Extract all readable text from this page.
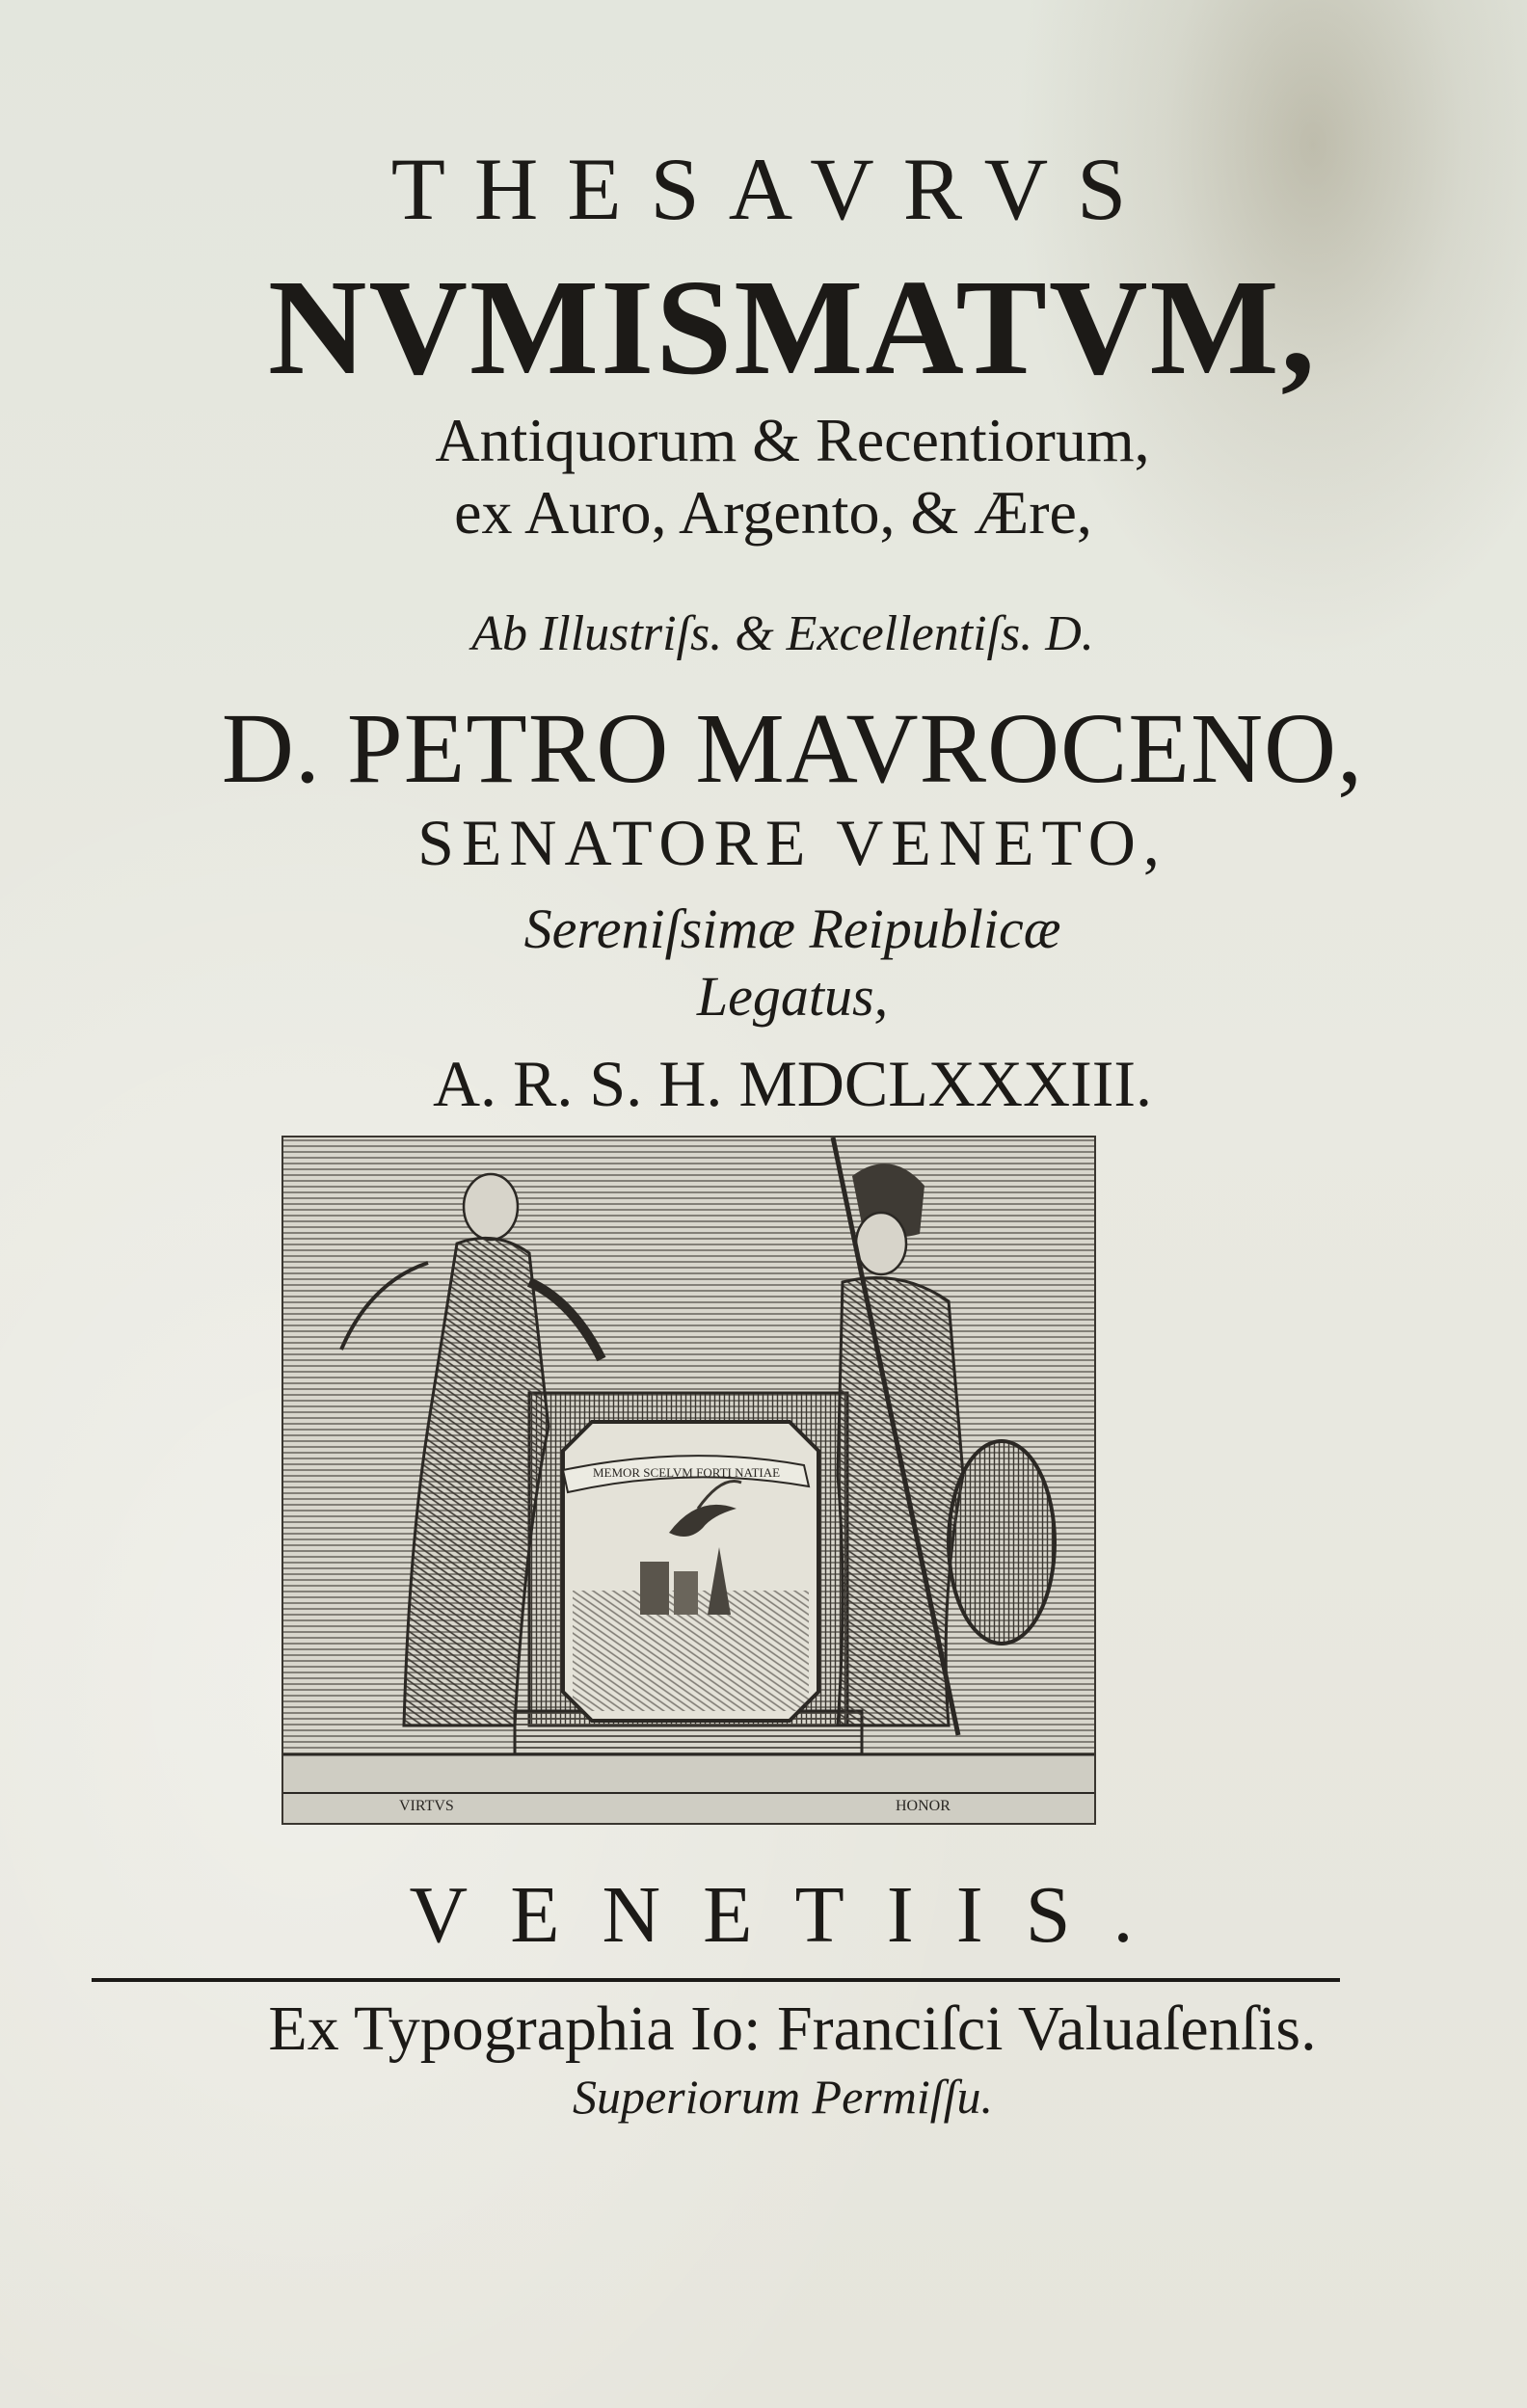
THESAVRVS
NVMISMATVM,
Antiquorum & Recentiorum,
ex Auro, Argento, & Ære,
Ab Illustriſs. & Excellentiſs. D.
D. PETRO MAVROCENO,
SENATORE VENETO,
Sereniſsimæ Reipublicæ
Legatus,
A. R. S. H. MDCLXXXIII.
MEMOR SCELVM FORTI NATIAE
VIRTVS	HONOR
VENETIIS.
Ex Typographia Io: Franciſci Valuaſenſis.
Superiorum Permiſſu.
